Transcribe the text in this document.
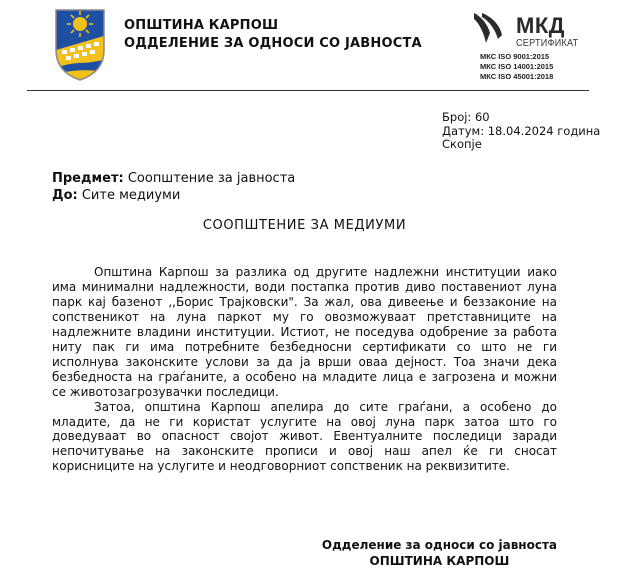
ОПШТИНА КАРПОШ
ОДДЕЛЕНИЕ ЗА ОДНОСИ СО ЈАВНОСТА
МКД
СЕРТИФИКАТ
МКС ISO 9001:2015
МКС ISO 14001:2015
МКС ISO 45001:2018
Број: 60
Датум: 18.04.2024 година
Скопје
Предмет: Соопштение за јавноста
До: Сите медиуми
СООПШТЕНИЕ ЗА МЕДИУМИ

Општина Карпош за разлика од другите надлежни институции иако има минимални надлежности, води постапка против диво поставениот луна парк кај базенот ,,Борис Трајковски". За жал, ова дивеење и беззаконие на сопственикот на луна паркот му го овозможуваат претставниците на надлежните владини институции. Истиот, не поседува одобрение за работа ниту пак ги има потребните безбедносни сертификати со што не ги исполнува законските услови за да ја врши оваа дејност. Тоа значи дека безбедноста на граѓаните, а особено на младите лица е загрозена и можни се животозагрозувачки последици.

Затоа, општина Карпош апелира до сите граѓани, а особено до младите, да не ги користат услугите на овој луна парк затоа што го доведуваат во опасност својот живот. Евентуалните последици заради непочитување на законските прописи и овој наш апел ќе ги сносат корисниците на услугите и неодговорниот сопственик на реквизитите.

Одделение за односи со јавноста
ОПШТИНА КАРПОШ
